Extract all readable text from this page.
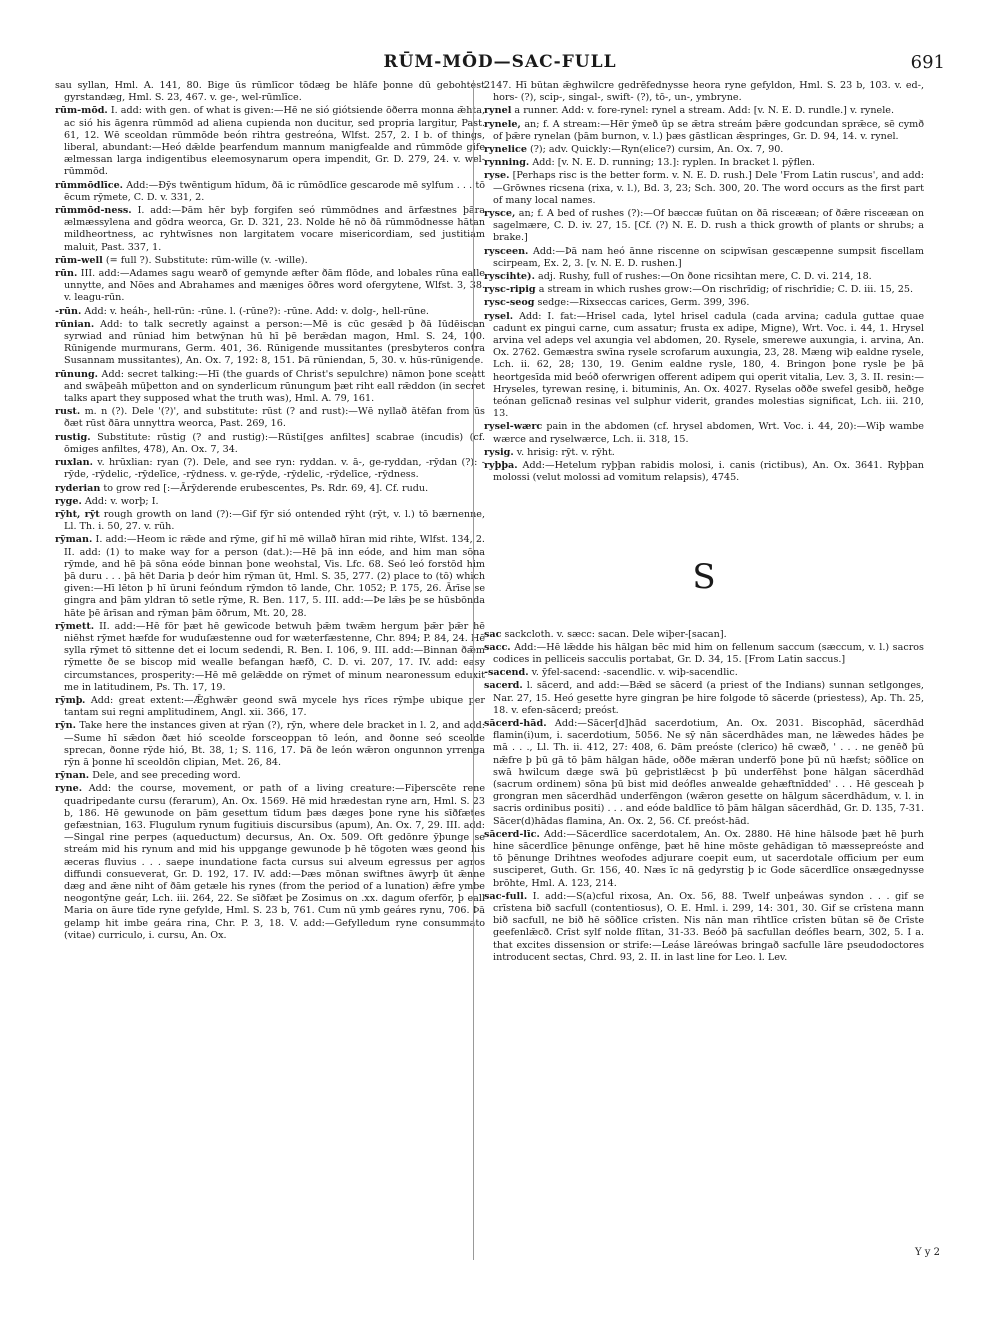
RŪM-MŌD—SAC-FULL	691

sau syllan, Hml. A. 141, 80. Bige ūs rūmlīcor tōdæg be hlāfe þonne dū gebohtest gyrstandæg, Hml. S. 23, 467. v. ge-, wel-rūmlīce.

rūm-mōd. I. add: with gen. of what is given:—Hē ne sió giótsiende ōðerra monna ǣhta, ac sió his āgenra rūmmōd ad aliena cupienda non ducitur, sed propria largitur, Past. 61, 12. Wē sceoldan rūmmōde beón rihtra gestreóna, Wlfst. 257, 2. I b. of things, liberal, abundant:—Heó dǣlde þearfendum mannum manigfealde and rūmmōde gife ælmessan larga indigentibus eleemosynarum opera impendit, Gr. D. 279, 24. v. wel-rūmmōd.

rūmmōdlīce. Add:—Ðȳs twēntigum hīdum, ðā ic rūmōdlīce gescarode mē sylfum . . . tō ēcum rȳmete, C. D. v. 331, 2.

rūmmōd-ness. I. add:—Þām hēr byþ forgifen seó rūmmōdnes and ārfæstnes þāra ælmæssylena and gōdra weorca, Gr. D. 321, 23. Nolde hē nō ðā rūmmōdnesse hātan mildheortness, ac ryhtwīsnes non largitatem vocare misericordiam, sed justitiam maluit, Past. 337, 1.

rūm-well (= full ?). Substitute: rūm-wille (v. -wille).

rūn. III. add:—Adames sagu wearð of gemynde æfter ðām flōde, and lobales rūna ealle unnytte, and Nōes and Abrahames and mæniges ōðres word ofergytene, Wlfst. 3, 38. v. leagu-rūn.

-rūn. Add: v. heáh-, hell-rūn: -rūne. l. (-rūne?): -rūne. Add: v. dolg-, hell-rūne.

rūnian. Add: to talk secretly against a person:—Mē is cūc gesǣd þ ðā Iūdēiscan syrwiad and rūniad him betwȳnan hū hī þē berǣdan magon, Hml. S. 24, 100. Rūnigende murmurans, Germ. 401, 36. Rūnigende mussitantes (presbyteros contra Susannam mussitantes), An. Ox. 7, 192: 8, 151. Þā rūniendan, 5, 30. v. hūs-rūnigende.

rūnung. Add: secret talking:—Hī (the guards of Christ's sepulchre) nāmon þone sceatt and swāþeāh mūþetton and on synderlicum rūnungum þæt riht eall rǣddon (in secret talks apart they supposed what the truth was), Hml. A. 79, 161.

rust. m. n (?). Dele '(?)', and substitute: rūst (? and rust):—Wē nyllað ātēfan from ūs ðæt rūst ðāra unnyttra weorca, Past. 269, 16.

rustig. Substitute: rūstig (? and rustig):—Rūsti[ges anfiltes] scabrae (incudis) (cf. ōmiges anfiltes, 478), An. Ox. 7, 34.

ruxlan. v. hrūxlian: ryan (?). Dele, and see ryn: ryddan. v. ā-, ge-ryddan, -rȳdan (?): -rȳde, -rȳdelic, -rȳdelīce, -rȳdness. v. ge-rȳde, -rȳdelic, -rȳdelīce, -rȳdness.

ryderian to grow red [:—Ārȳderende erubescentes, Ps. Rdr. 69, 4]. Cf. rudu.

ryge. Add: v. worþ; I.

rȳht, rȳt rough growth on land (?):—Gif fȳr sió ontended rȳht (rȳt, v. l.) tō bærnenne, Ll. Th. i. 50, 27. v. rūh.

rȳman. I. add:—Heom ic rǣde and rȳme, gif hī mē willað hīran mid rihte, Wlfst. 134, 2. II. add: (1) to make way for a person (dat.):—Hē þā inn eóde, and him man sōna rȳmde, and hē þā sōna eóde binnan þone weohstal, Vis. Lfc. 68. Seó leó forstōd him þā duru . . . þā hēt Daria þ deór him rȳman ūt, Hml. S. 35, 277. (2) place to (tō) which given:—Hī lēton þ hī ūruni feóndum rȳmdon tō lande, Chr. 1052; P. 175, 26. Ārīse se gingra and þām yldran tō setle rȳme, R. Ben. 117, 5. III. add:—Þe lǣs þe se hūsbōnda hāte þē ārīsan and rȳman þām ōðrum, Mt. 20, 28.

rȳmett. II. add:—Hē fōr þæt hē gewīcode betwuh þǣm twǣm hergum þǣr þǣr hē niēhst rȳmet hæfde for wuduſæstenne oud for wæterfæstenne, Chr. 894; P. 84, 24. Hē sylla rȳmet tō sittenne det ei locum sedendi, R. Ben. I. 106, 9. III. add:—Binnan ðǣm rȳmette ðe se biscop mid wealle befangan hæfð, C. D. vi. 207, 17. IV. add: easy circumstances, prosperity:—Hē mē gelǣdde on rȳmet of minum nearonessum eduxit me in latitudinem, Ps. Th. 17, 19.

rȳmþ. Add: great extent:—Ǣghwǣr geond swā mycele hys rīces rȳmþe ubique per tantam sui regni amplitudinem, Angl. xii. 366, 17.

rȳn. Take here the instances given at rȳan (?), rȳn, where dele bracket in l. 2, and add:—Sume hī sǣdon ðæt hió sceolde forsceoppan tō león, and ðonne seó sceolde sprecan, ðonne rȳde hió, Bt. 38, 1; S. 116, 17. Þā ðe león wǣron ongunnon yrrenga rȳn ā þonne hī sceoldōn clipian, Met. 26, 84.

rȳnan. Dele, and see preceding word.

ryne. Add: the course, movement, or path of a living creature:—Fiþerscēte rene quadripedante cursu (ferarum), An. Ox. 1569. Hē mid hrædestan ryne arn, Hml. S. 23 b, 186. Hē gewunode on þām gesettum tīdum þæs dæges þone ryne his sīðfætes gefæstnian, 163. Flugulum rynum fugitiuis discursibus (apum), An. Ox. 7, 29. III. add:—Singal rine perpes (aqueductum) decursus, An. Ox. 509. Oft gedōnre ȳþunge se streám mid his rynum and mid his uppgange gewunode þ hē tōgoten wæs geond his æceras fluvius . . . saepe inundatione facta cursus sui alveum egressus per agros diffundi consueverat, Gr. D. 192, 17. IV. add:—Þæs mōnan swiftnes āwyrþ ūt ǣnne dæg and ǣne niht of ðām getæle his rynes (from the period of a lunation) ǣfre ymbe neogontȳne geár, Lch. iii. 264, 22. Se sīðfæt þe Zosimus on .xx. dagum oferfōr, þ eall Maria on āure tīde ryne gefylde, Hml. S. 23 b, 761. Cum nū ymb geáres rynu, 706. Þā gelamp hit imbe geára rina, Chr. P. 3, 18. V. add:—Gefylledum ryne consummato (vitae) curriculo, i. cursu, An. Ox.

2147. Hī būtan ǣghwilcre gedrēfednysse heora ryne gefyldon, Hml. S. 23 b, 103. v. ed-, hors- (?), scip-, singal-, swift- (?), tō-, un-, ymbryne.

rynel a runner. Add: v. fore-rynel: rynel a stream. Add: [v. N. E. D. rundle.] v. rynele.

rynele, an; f. A stream:—Hēr ȳmeð ūp se ǣtra streám þǣre godcundan sprǣce, sē cymð of þǣre rynelan (þām burnon, v. l.) þæs gāstlican ǣspringes, Gr. D. 94, 14. v. rynel.

rynelice (?); adv. Quickly:—Ryn(elice?) cursim, An. Ox. 7, 90.

rynning. Add: [v. N. E. D. running; 13.]: ryplen. In bracket l. pȳflen.

ryse. [Perhaps risc is the better form. v. N. E. D. rush.] Dele 'From Latin ruscus', and add:—Grōwnes ricsena (rixa, v. l.), Bd. 3, 23; Sch. 300, 20. The word occurs as the first part of many local names.

rysce, an; f. A bed of rushes (?):—Of bæccæ fuūtan on ðā risceæan; of ðǣre risceæan on sagelmære, C. D. iv. 27, 15. [Cf. (?) N. E. D. rush a thick growth of plants or shrubs; a brake.]

rysceen. Add:—Þā nam heó ānne riscenne on scipwīsan gescæpenne sumpsit fiscellam scirpeam, Ex. 2, 3. [v. N. E. D. rushen.]

ryscihte). adj. Rushy, full of rushes:—On ðone ricsihtan mere, C. D. vi. 214, 18.

rysc-ripig a stream in which rushes grow:—On rischrīdig; of rischrīdie; C. D. iii. 15, 25.

rysc-seog sedge:—Rixseccas carices, Germ. 399, 396.

rysel. Add: I. fat:—Hrisel cada, lytel hrisel cadula (cada arvina; cadula guttae quae cadunt ex pingui carne, cum assatur; frusta ex adipe, Migne), Wrt. Voc. i. 44, 1. Hrysel arvina vel adeps vel axungia vel abdomen, 20. Rysele, smerewe auxungia, i. arvina, An. Ox. 2762. Gemæstra swīna rysele scrofarum auxungia, 23, 28. Mæng wiþ ealdne rysele, Lch. ii. 62, 28; 130, 19. Genim ealdne rysle, 180, 4. Bringon þone rysle þe þā heortgesīda mid beóð oferwrigen offerent adipem qui operit vitalia, Lev. 3, 3. II. resin:—Hryseles, tyrewan resinę, i. bituminis, An. Ox. 4027. Ryselas oððe swefel gesibð, heðge teónan gelīcnað resinas vel sulphur viderit, grandes molestias significat, Lch. iii. 210, 13.

rysel-wærc pain in the abdomen (cf. hrysel abdomen, Wrt. Voc. i. 44, 20):—Wiþ wambe wærce and ryselwærce, Lch. ii. 318, 15.

rysig. v. hrisig: rȳt. v. rȳht.

ryþþa. Add:—Hetelum ryþþan rabidis molosi, i. canis (rictibus), An. Ox. 3641. Ryþþan molossi (velut molossi ad vomitum relapsis), 4745.

S

sac sackcloth. v. sæcc: sacan. Dele wiþer-[sacan].

sacc. Add:—Hē lǣdde his hālgan bēc mid him on fellenum saccum (sæccum, v. l.) sacros codices in pelliceis sacculis portabat, Gr. D. 34, 15. [From Latin saccus.]

-sacend. v. ȳfel-sacend: -sacendlic. v. wiþ-sacendlic.

sacerd. l. sācerd, and add:—Bǣd se sācerd (a priest of the Indians) sunnan setlgonges, Nar. 27, 15. Heó gesette hyre gingran þe hire folgode tō sācerde (priestess), Ap. Th. 25, 18. v. efen-sācerd; preóst.

sācerd-hād. Add:—Sācer[d]hād sacerdotium, An. Ox. 2031. Biscophād, sācerdhād flamin(i)um, i. sacerdotium, 5056. Ne sȳ nān sācerdhādes man, ne lǣwedes hādes þe mā . . ., Ll. Th. ii. 412, 27: 408, 6. Þām preóste (clerico) hē cwæð, ' . . . ne genēð þū nǣfre þ þū gā tō þām hālgan hāde, oððe mǣran underfō þone þū nū hæfst; sōðlīce on swā hwilcum dæge swā þū geþristlǣcst þ þū underfēhst þone hālgan sācerdhād (sacrum ordinem) sōna þū bist mid deófles anwealde gehæftnīdded' . . . Hē gesceah þ grongran men sācerdhād underfēngon (wǣron gesette on hālgum sācerdhādum, v. l. in sacris ordinibus positi) . . . and eóde baldlīce tō þām hālgan sācerdhād, Gr. D. 135, 7-31. Sācer(d)hādas flamina, An. Ox. 2, 56. Cf. preóst-hād.

sācerd-līc. Add:—Sācerdlīce sacerdotalem, An. Ox. 2880. Hē hine hālsode þæt hē þurh hine sācerdlīce þēnunge onfēnge, þæt hē hine mōste gehādigan tō mæssepreóste and tō þēnunge Drihtnes weofodes adjurare coepit eum, ut sacerdotale officium per eum susciperet, Guth. Gr. 156, 40. Næs īc nā gedyrstig þ ic Gode sācerdlīce onsægednysse brōhte, Hml. A. 123, 214.

sac-full. I. add:—S(a)cful rixosa, An. Ox. 56, 88. Twelf unþeáwas syndon . . . gif se crīstena bið sacfull (contentiosus), O. E. Hml. i. 299, 14: 301, 30. Gif se crīstena mann bið sacfull, ne bið hē sōðlīce crīsten. Nis nān man rīhtlīce crīsten būtan sē ðe Crīste geefenlǣcð. Crīst sylf nolde flītan, 31-33. Beóð þā sacfullan deófles bearn, 302, 5. I a. that excites dissension or strife:—Leáse lāreówas bringað sacfulle lāre pseudodoctores introducent sectas, Chrd. 93, 2. II. in last line for Leo. l. Lev.

Y y 2
